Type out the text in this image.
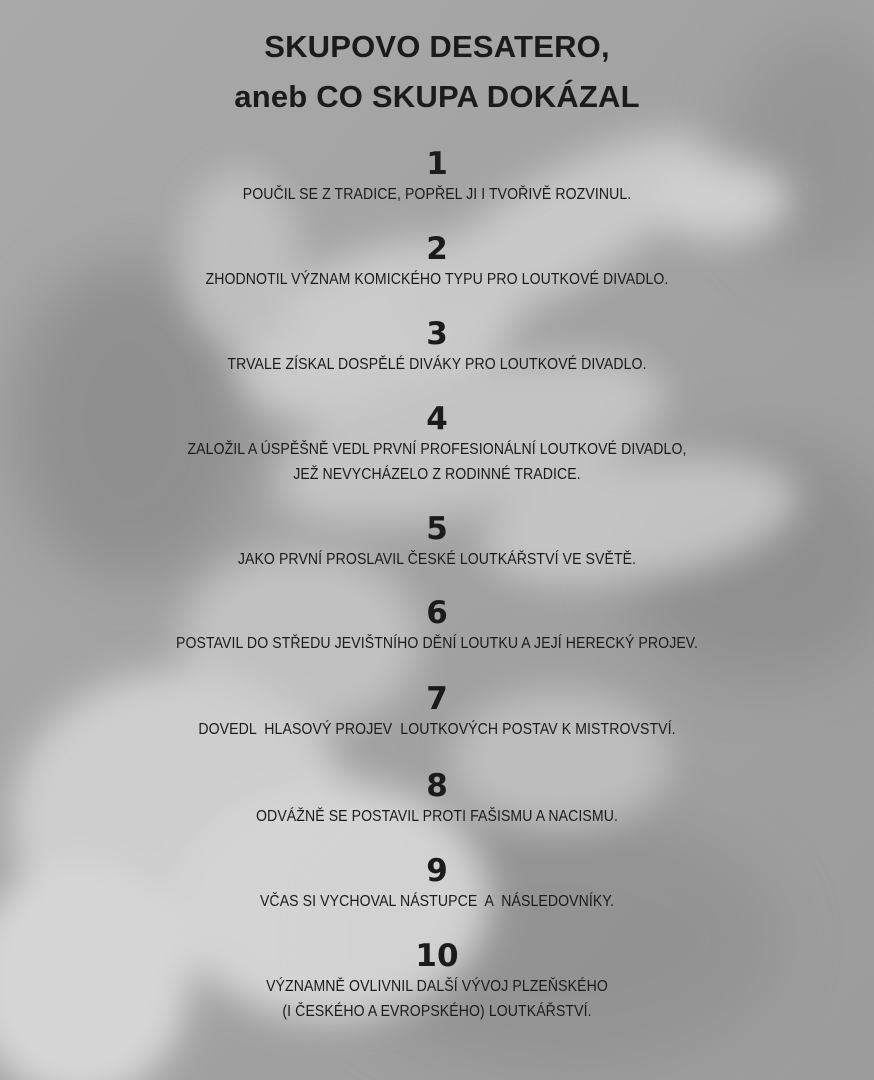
SKUPOVO DESATERO,
aneb CO SKUPA DOKÁZAL
1
POUČIL SE Z TRADICE, POPŘEL JI I TVOŘIVĚ ROZVINUL.
2
ZHODNOTIL VÝZNAM KOMICKÉHO TYPU PRO LOUTKOVÉ DIVADLO.
3
TRVALE ZÍSKAL DOSPĚLÉ DIVÁKY PRO LOUTKOVÉ DIVADLO.
4
ZALOŽIL A ÚSPĚŠNĚ VEDL PRVNÍ PROFESIONÁLNÍ LOUTKOVÉ DIVADLO,
JEŽ NEVYCHÁZELO Z RODINNÉ TRADICE.
5
JAKO PRVNÍ PROSLAVIL ČESKÉ LOUTKÁŘSTVÍ VE SVĚTĚ.
6
POSTAVIL DO STŘEDU JEVIŠTNÍHO DĚNÍ LOUTKU A JEJÍ HERECKÝ PROJEV.
7
DOVEDL  HLASOVÝ PROJEV  LOUTKOVÝCH POSTAV K MISTROVSTVÍ.
8
ODVÁŽNĚ SE POSTAVIL PROTI FAŠISMU A NACISMU.
9
VČAS SI VYCHOVAL NÁSTUPCE  A  NÁSLEDOVNÍKY.
10
VÝZNAMNĚ OVLIVNIL DALŠÍ VÝVOJ PLZEŇSKÉHO
(I ČESKÉHO A EVROPSKÉHO) LOUTKÁŘSTVÍ.
